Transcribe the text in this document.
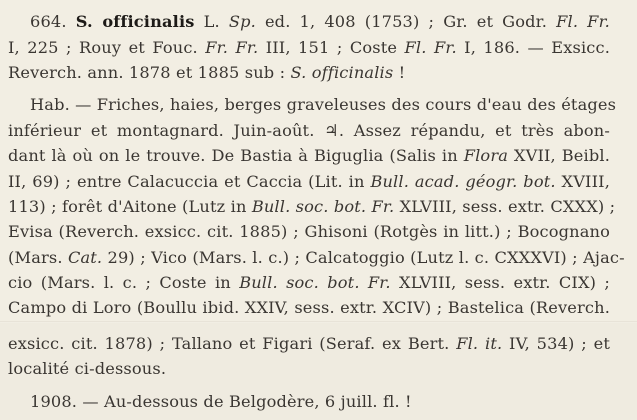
664. S. officinalis L. Sp. ed. 1, 408 (1753) ; Gr. et Godr. Fl. Fr.
I, 225 ; Rouy et Fouc. Fr. Fr. III, 151 ; Coste Fl. Fr. I, 186. — Exsicc.
Reverch. ann. 1878 et 1885 sub : S. officinalis !
Hab. — Friches, haies, berges graveleuses des cours d'eau des étages
inférieur et montagnard. Juin-août. ♃. Assez répandu, et très abon-
dant là où on le trouve. De Bastia à Biguglia (Salis in Flora XVII, Beibl.
II, 69) ; entre Calacuccia et Caccia (Lit. in Bull. acad. géogr. bot. XVIII,
113) ; forêt d'Aitone (Lutz in Bull. soc. bot. Fr. XLVIII, sess. extr. CXXX) ;
Evisa (Reverch. exsicc. cit. 1885) ; Ghisoni (Rotgès in litt.) ; Bocognano
(Mars. Cat. 29) ; Vico (Mars. l. c.) ; Calcatoggio (Lutz l. c. CXXXVI) ; Ajac-
cio (Mars. l. c. ; Coste in Bull. soc. bot. Fr. XLVIII, sess. extr. CIX) ;
Campo di Loro (Boullu ibid. XXIV, sess. extr. XCIV) ; Bastelica (Reverch.
exsicc. cit. 1878) ; Tallano et Figari (Seraf. ex Bert. Fl. it. IV, 534) ; et
localité ci-dessous.
1908. — Au-dessous de Belgodère, 6 juill. fl. !
